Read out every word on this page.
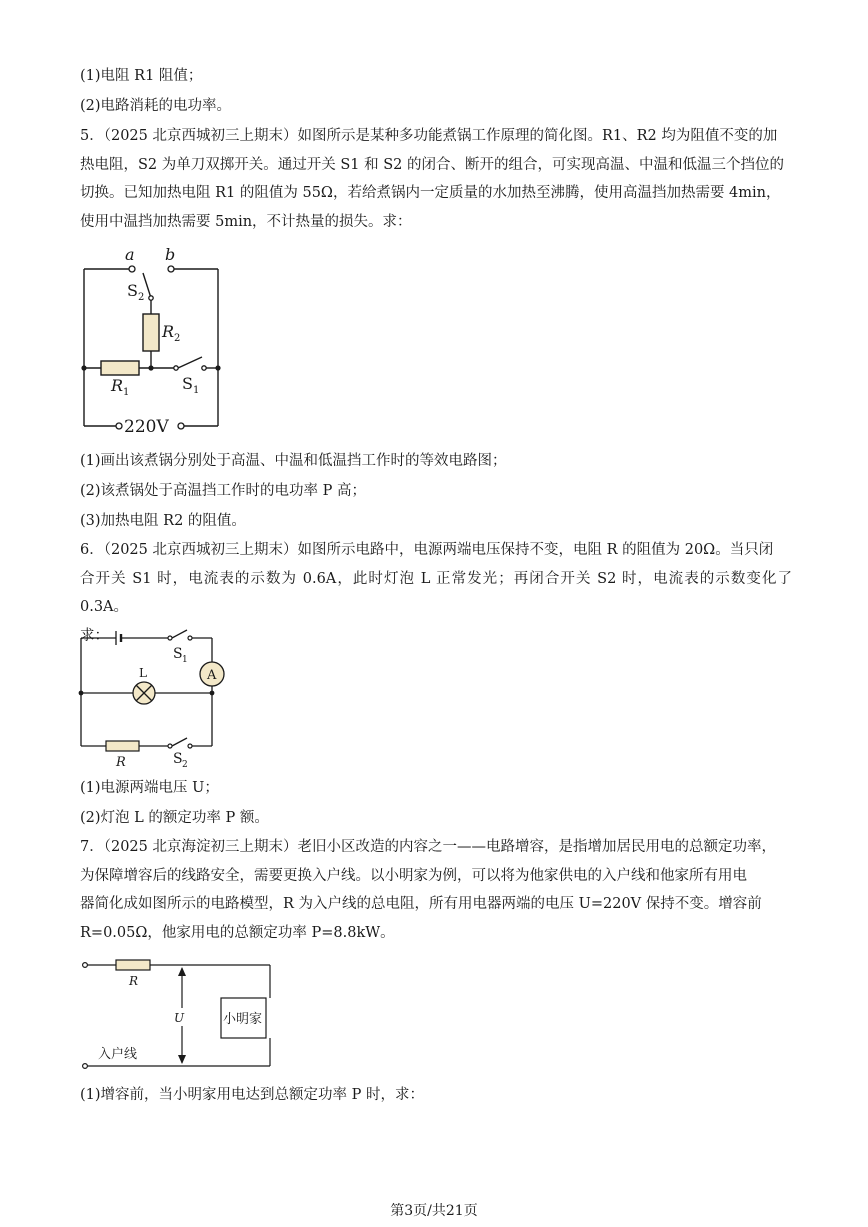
(1)电阻 R1 阻值；
(2)电路消耗的电功率。
5．（2025 北京西城初三上期末）如图所示是某种多功能煮锅工作原理的简化图。R1、R2 均为阻值不变的加
热电阻，S2 为单刀双掷开关。通过开关 S1 和 S2 的闭合、断开的组合，可实现高温、中温和低温三个挡位的
切换。已知加热电阻 R1 的阻值为 55Ω，若给煮锅内一定质量的水加热至沸腾，使用高温挡加热需要 4min，
使用中温挡加热需要 5min，不计热量的损失。求：
a b
S 2
R 2
R 1	S 1
220V
(1)画出该煮锅分别处于高温、中温和低温挡工作时的等效电路图；
(2)该煮锅处于高温挡工作时的电功率 P 高；
(3)加热电阻 R2 的阻值。
6．（2025 北京西城初三上期末）如图所示电路中，电源两端电压保持不变，电阻 R 的阻值为 20Ω。当只闭
合开关 S1 时，电流表的示数为 0.6A，此时灯泡 L 正常发光；再闭合开关 S2 时，电流表的示数变化了 0.3A。
求：
A
L
S 1
R	S 2
(1)电源两端电压 U；
(2)灯泡 L 的额定功率 P 额。
7．（2025 北京海淀初三上期末）老旧小区改造的内容之一——电路增容，是指增加居民用电的总额定功率，
为保障增容后的线路安全，需要更换入户线。以小明家为例，可以将为他家供电的入户线和他家所有用电
器简化成如图所示的电路模型，R 为入户线的总电阻，所有用电器两端的电压 U=220V 保持不变。增容前
R=0.05Ω，他家用电的总额定功率 P=8.8kW。
R
U	小明家
入户线
(1)增容前，当小明家用电达到总额定功率 P 时，求：
第3页/共21页
